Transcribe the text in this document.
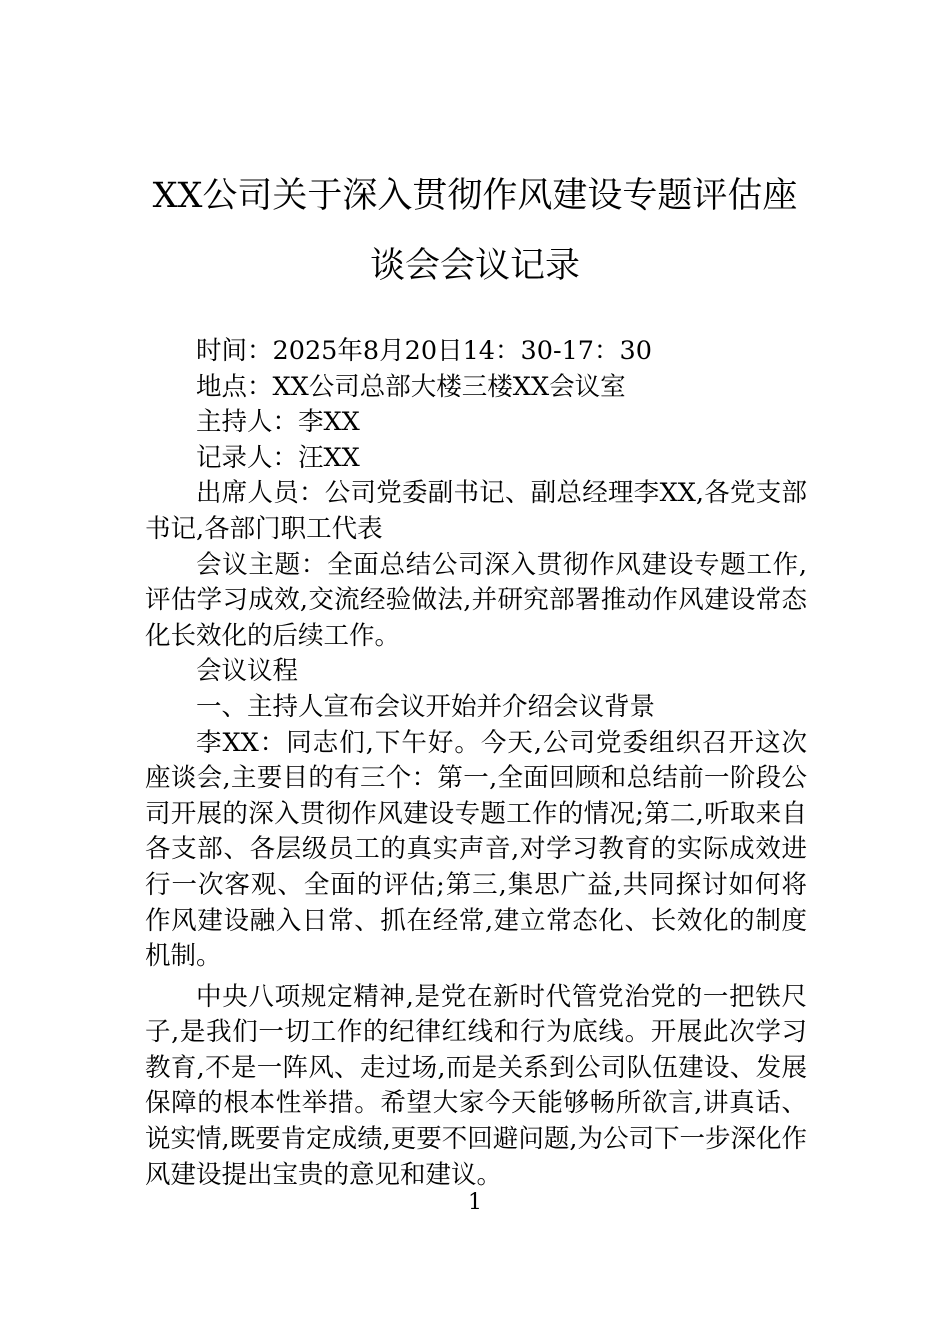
XX公司关于深入贯彻作风建设专题评估座
谈会会议记录

时间：2025年8月20日14：30-17：30

地点：XX公司总部大楼三楼XX会议室

主持人：李XX

记录人：汪XX

出席人员：公司党委副书记、副总经理李XX,各党支部书记,各部门职工代表

会议主题：全面总结公司深入贯彻作风建设专题工作,评估学习成效,交流经验做法,并研究部署推动作风建设常态化长效化的后续工作。

会议议程

一、主持人宣布会议开始并介绍会议背景

李XX：同志们,下午好。今天,公司党委组织召开这次座谈会,主要目的有三个：第一,全面回顾和总结前一阶段公司开展的深入贯彻作风建设专题工作的情况;第二,听取来自各支部、各层级员工的真实声音,对学习教育的实际成效进行一次客观、全面的评估;第三,集思广益,共同探讨如何将作风建设融入日常、抓在经常,建立常态化、长效化的制度机制。

中央八项规定精神,是党在新时代管党治党的一把铁尺子,是我们一切工作的纪律红线和行为底线。开展此次学习教育,不是一阵风、走过场,而是关系到公司队伍建设、发展保障的根本性举措。希望大家今天能够畅所欲言,讲真话、说实情,既要肯定成绩,更要不回避问题,为公司下一步深化作风建设提出宝贵的意见和建议。

1
